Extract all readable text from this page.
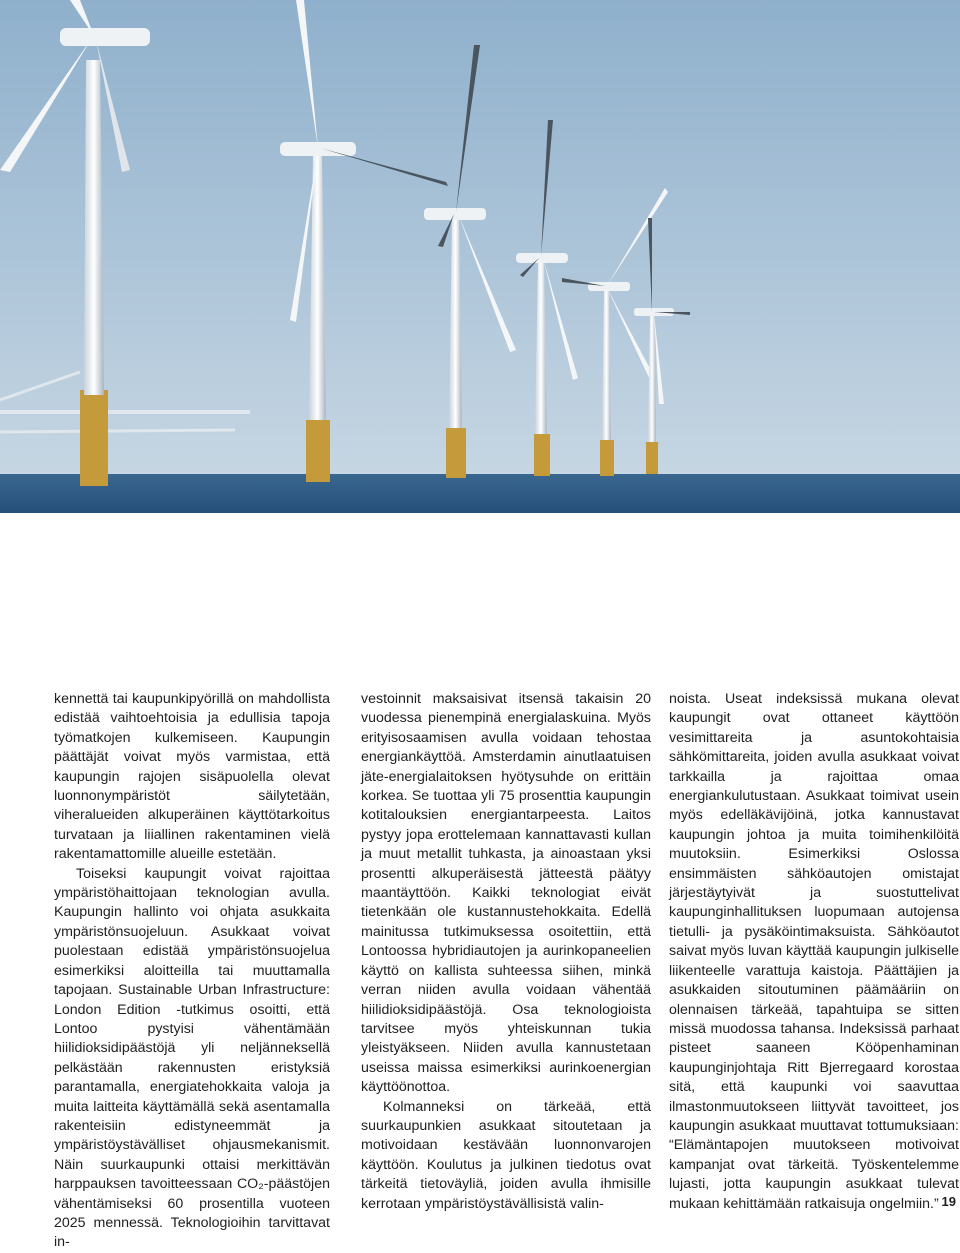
kennettä tai kaupunkipyörillä on mahdollista edistää vaihtoehtoisia ja edullisia tapoja työmatkojen kulkemiseen. Kaupungin päättäjät voivat myös varmistaa, että kaupungin rajojen sisäpuolella olevat luonnonympäristöt säilytetään, viheralueiden alkuperäinen käyttötarkoitus turvataan ja liiallinen rakentaminen vielä rakentamattomille alueille estetään.

Toiseksi kaupungit voivat rajoittaa ympäristöhaittojaan teknologian avulla. Kaupungin hallinto voi ohjata asukkaita ympäristönsuojeluun. Asukkaat voivat puolestaan edistää ympäristönsuojelua esimerkiksi aloitteilla tai muuttamalla tapojaan. Sustainable Urban Infrastructure: London Edition -tutkimus osoitti, että Lontoo pystyisi vähentämään hiilidioksidipäästöjä yli neljänneksellä pelkästään rakennusten eristyksiä parantamalla, energiatehokkaita valoja ja muita laitteita käyttämällä sekä asentamalla rakenteisiin edistyneemmät ja ympäristöystävälliset ohjausmekanismit. Näin suurkaupunki ottaisi merkittävän harppauksen tavoitteessaan CO₂-päästöjen vähentämiseksi 60 prosentilla vuoteen 2025 mennessä. Teknologioihin tarvittavat in-

vestoinnit maksaisivat itsensä takaisin 20 vuodessa pienempinä energialaskuina. Myös erityisosaamisen avulla voidaan tehostaa energiankäyttöä. Amsterdamin ainutlaatuisen jäte-energialaitoksen hyötysuhde on erittäin korkea. Se tuottaa yli 75 prosenttia kaupungin kotitalouksien energiantarpeesta. Laitos pystyy jopa erottelemaan kannattavasti kullan ja muut metallit tuhkasta, ja ainoastaan yksi prosentti alkuperäisestä jätteestä päätyy maantäyttöön. Kaikki teknologiat eivät tietenkään ole kustannustehokkaita. Edellä mainitussa tutkimuksessa osoitettiin, että Lontoossa hybridiautojen ja aurinkopaneelien käyttö on kallista suhteessa siihen, minkä verran niiden avulla voidaan vähentää hiilidioksidipäästöjä. Osa teknologioista tarvitsee myös yhteiskunnan tukia yleistyäkseen. Niiden avulla kannustetaan useissa maissa esimerkiksi aurinkoenergian käyttöönottoa.

Kolmanneksi on tärkeää, että suurkaupunkien asukkaat sitoutetaan ja motivoidaan kestävään luonnonvarojen käyttöön. Koulutus ja julkinen tiedotus ovat tärkeitä tietoväyliä, joiden avulla ihmisille kerrotaan ympäristöystävällisistä valin-

noista. Useat indeksissä mukana olevat kaupungit ovat ottaneet käyttöön vesimittareita ja asuntokohtaisia sähkömittareita, joiden avulla asukkaat voivat tarkkailla ja rajoittaa omaa energiankulutustaan. Asukkaat toimivat usein myös edelläkävijöinä, jotka kannustavat kaupungin johtoa ja muita toimihenkilöitä muutoksiin. Esimerkiksi Oslossa ensimmäisten sähköautojen omistajat järjestäytyivät ja suostuttelivat kaupunginhallituksen luopumaan autojensa tietulli- ja pysäköintimaksuista. Sähköautot saivat myös luvan käyttää kaupungin julkiselle liikenteelle varattuja kaistoja. Päättäjien ja asukkaiden sitoutuminen päämääriin on olennaisen tärkeää, tapahtuipa se sitten missä muodossa tahansa. Indeksissä parhaat pisteet saaneen Kööpenhaminan kaupunginjohtaja Ritt Bjerregaard korostaa sitä, että kaupunki voi saavuttaa ilmastonmuutokseen liittyvät tavoitteet, jos kaupungin asukkaat muuttavat tottumuksiaan: “Elämäntapojen muutokseen motivoivat kampanjat ovat tärkeitä. Työskentelemme lujasti, jotta kaupungin asukkaat tulevat mukaan kehittämään ratkaisuja ongelmiin.” 19
